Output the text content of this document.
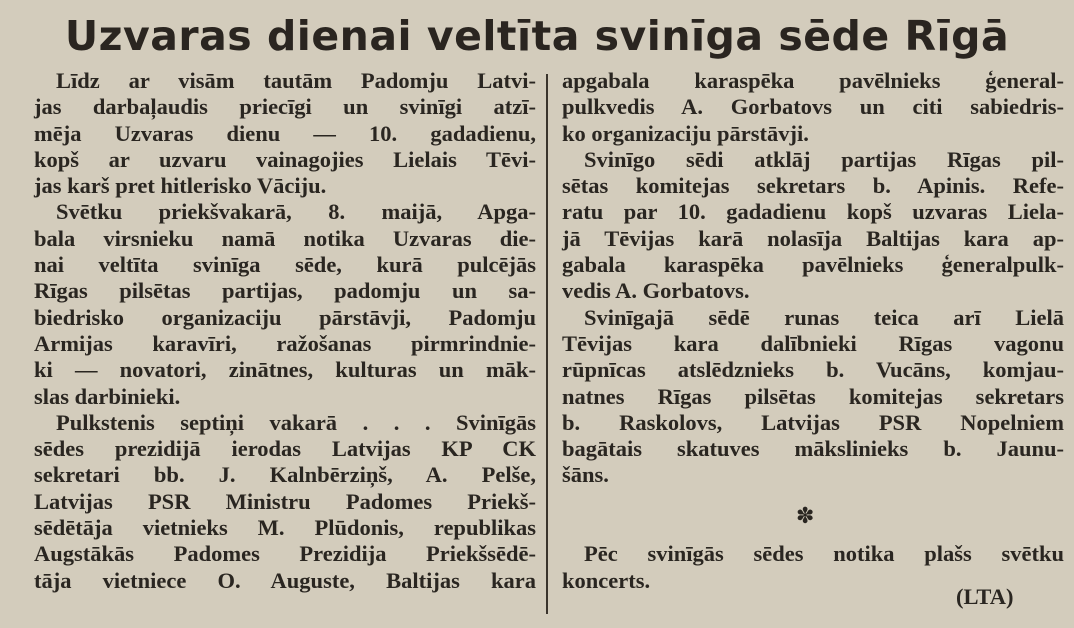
Uzvaras dienai veltīta svinīga sēde Rīgā
Līdz ar visām tautām Padomju Latvi-
jas darbaļaudis priecīgi un svinīgi atzī-
mēja Uzvaras dienu — 10. gadadienu,
kopš ar uzvaru vainagojies Lielais Tēvi-
jas karš pret hitlerisko Vāciju.
Svētku priekšvakarā, 8. maijā, Apga-
bala virsnieku namā notika Uzvaras die-
nai veltīta svinīga sēde, kurā pulcējās
Rīgas pilsētas partijas, padomju un sa-
biedrisko organizaciju pārstāvji, Padomju
Armijas karavīri, ražošanas pirmrindnie-
ki — novatori, zinātnes, kulturas un māk-
slas darbinieki.
Pulkstenis septiņi vakarā . . . Svinīgās
sēdes prezidijā ierodas Latvijas KP CK
sekretari bb. J. Kalnbērziņš, A. Pelše,
Latvijas PSR Ministru Padomes Priekš-
sēdētāja vietnieks M. Plūdonis, republikas
Augstākās Padomes Prezidija Priekšsēdē-
tāja vietniece O. Auguste, Baltijas kara
apgabala karaspēka pavēlnieks ģeneral-
pulkvedis A. Gorbatovs un citi sabiedris-
ko organizaciju pārstāvji.
Svinīgo sēdi atklāj partijas Rīgas pil-
sētas komitejas sekretars b. Apinis. Refe-
ratu par 10. gadadienu kopš uzvaras Liela-
jā Tēvijas karā nolasīja Baltijas kara ap-
gabala karaspēka pavēlnieks ģeneralpulk-
vedis A. Gorbatovs.
Svinīgajā sēdē runas teica arī Lielā
Tēvijas kara dalībnieki Rīgas vagonu
rūpnīcas atslēdznieks b. Vucāns, komjau-
natnes Rīgas pilsētas komitejas sekretars
b. Raskolovs, Latvijas PSR Nopelniem
bagātais skatuves mākslinieks b. Jaunu-
šāns.

Pēc svinīgās sēdes notika plašs svētku
koncerts.
✽
(LTA)
